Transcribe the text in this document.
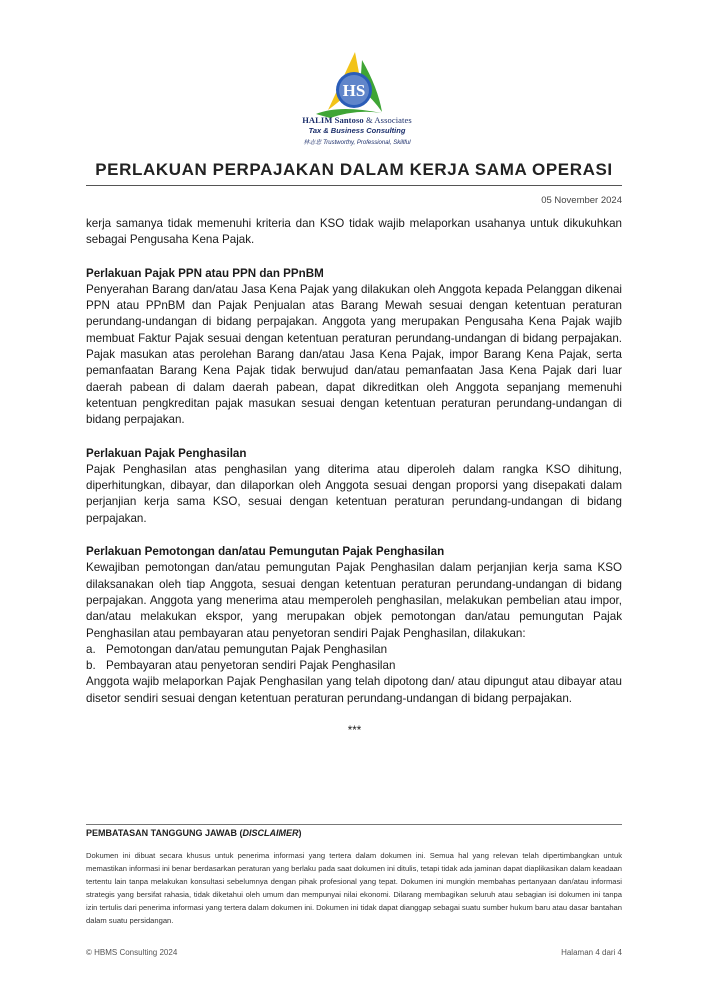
HS
HALIM Santoso & Associates
Tax & Business Consulting
林志忠 Trustworthy, Professional, Skillful
PERLAKUAN PERPAJAKAN DALAM KERJA SAMA OPERASI
05 November 2024

kerja samanya tidak memenuhi kriteria dan KSO tidak wajib melaporkan usahanya untuk dikukuhkan sebagai Pengusaha Kena Pajak.

Perlakuan Pajak PPN atau PPN dan PPnBM

Penyerahan Barang dan/atau Jasa Kena Pajak yang dilakukan oleh Anggota kepada Pelanggan dikenai PPN atau PPnBM dan Pajak Penjualan atas Barang Mewah sesuai dengan ketentuan peraturan perundang-undangan di bidang perpajakan. Anggota yang merupakan Pengusaha Kena Pajak wajib membuat Faktur Pajak sesuai dengan ketentuan peraturan perundang-undangan di bidang perpajakan. Pajak masukan atas perolehan Barang dan/atau Jasa Kena Pajak, impor Barang Kena Pajak, serta pemanfaatan Barang Kena Pajak tidak berwujud dan/atau pemanfaatan Jasa Kena Pajak dari luar daerah pabean di dalam daerah pabean, dapat dikreditkan oleh Anggota sepanjang memenuhi ketentuan pengkreditan pajak masukan sesuai dengan ketentuan peraturan perundang-undangan di bidang perpajakan.

Perlakuan Pajak Penghasilan

Pajak Penghasilan atas penghasilan yang diterima atau diperoleh dalam rangka KSO dihitung, diperhitungkan, dibayar, dan dilaporkan oleh Anggota sesuai dengan proporsi yang disepakati dalam perjanjian kerja sama KSO, sesuai dengan ketentuan peraturan perundang-undangan di bidang perpajakan.

Perlakuan Pemotongan dan/atau Pemungutan Pajak Penghasilan

Kewajiban pemotongan dan/atau pemungutan Pajak Penghasilan dalam perjanjian kerja sama KSO dilaksanakan oleh tiap Anggota, sesuai dengan ketentuan peraturan perundang-undangan di bidang perpajakan. Anggota yang menerima atau memperoleh penghasilan, melakukan pembelian atau impor, dan/atau melakukan ekspor, yang merupakan objek pemotongan dan/atau pemungutan Pajak Penghasilan atau pembayaran atau penyetoran sendiri Pajak Penghasilan, dilakukan:

a. Pemotongan dan/atau pemungutan Pajak Penghasilan
b. Pembayaran atau penyetoran sendiri Pajak Penghasilan

Anggota wajib melaporkan Pajak Penghasilan yang telah dipotong dan/ atau dipungut atau dibayar atau disetor sendiri sesuai dengan ketentuan peraturan perundang-undangan di bidang perpajakan.

***
PEMBATASAN TANGGUNG JAWAB (DISCLAIMER)
Dokumen ini dibuat secara khusus untuk penerima informasi yang tertera dalam dokumen ini. Semua hal yang relevan telah dipertimbangkan untuk memastikan informasi ini benar berdasarkan peraturan yang berlaku pada saat dokumen ini ditulis, tetapi tidak ada jaminan dapat diaplikasikan dalam keadaan tertentu lain tanpa melakukan konsultasi sebelumnya dengan pihak profesional yang tepat. Dokumen ini mungkin membahas pertanyaan dan/atau informasi strategis yang bersifat rahasia, tidak diketahui oleh umum dan mempunyai nilai ekonomi. Dilarang membagikan seluruh atau sebagian isi dokumen ini tanpa izin tertulis dari penerima informasi yang tertera dalam dokumen ini. Dokumen ini tidak dapat dianggap sebagai suatu sumber hukum baru atau dasar bantahan dalam suatu persidangan.
© HBMS Consulting 2024	Halaman 4 dari 4
